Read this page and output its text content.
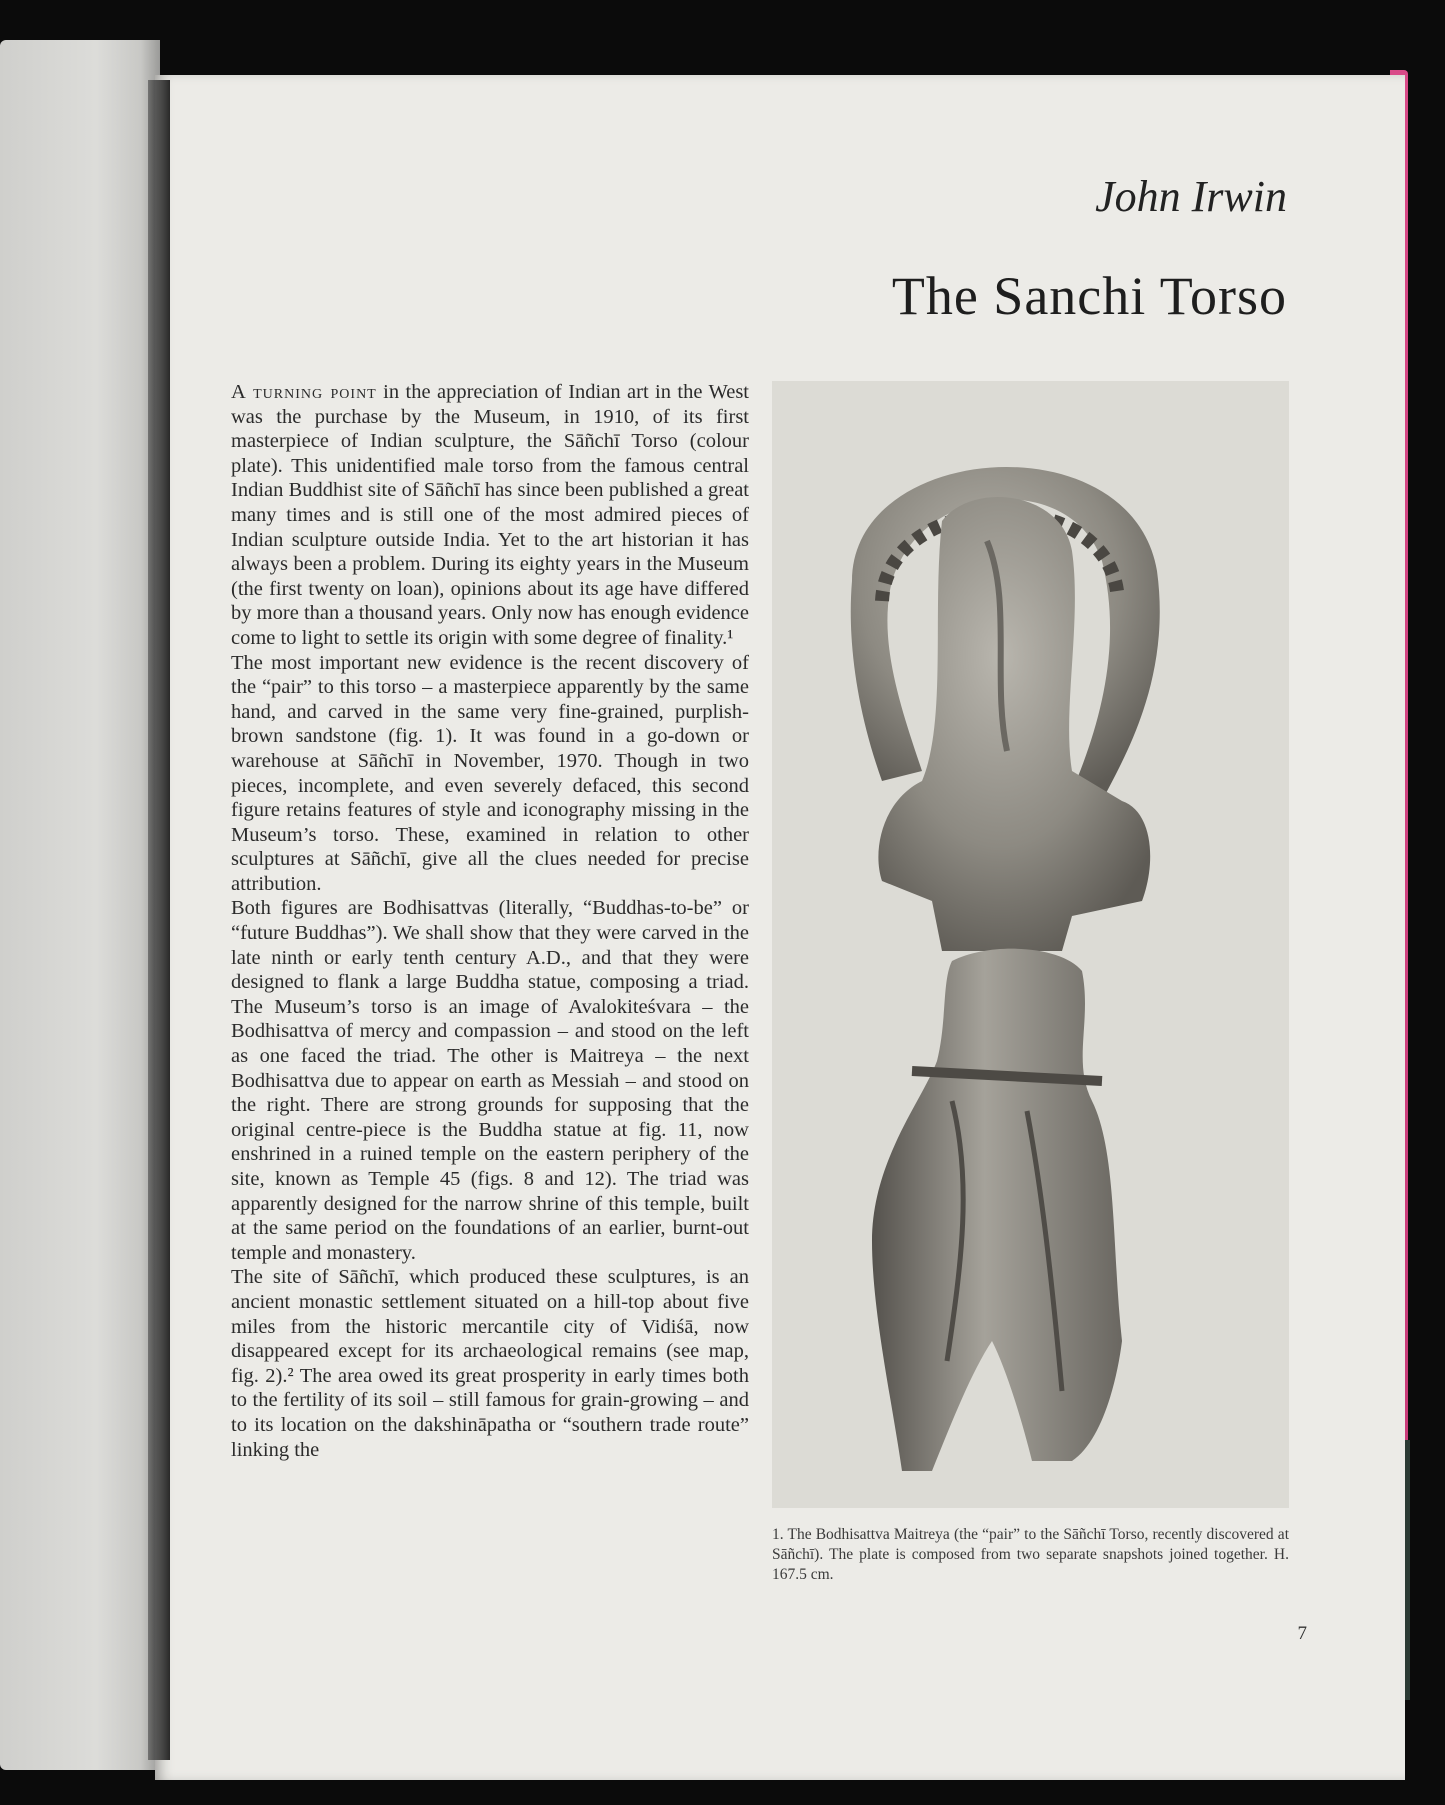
John Irwin
The Sanchi Torso

A turning point in the appreciation of Indian art in the West was the purchase by the Museum, in 1910, of its first masterpiece of Indian sculpture, the Sāñchī Torso (colour plate). This unidentified male torso from the famous central Indian Buddhist site of Sāñchī has since been published a great many times and is still one of the most admired pieces of Indian sculpture outside India. Yet to the art historian it has always been a problem. During its eighty years in the Museum (the first twenty on loan), opinions about its age have differed by more than a thousand years. Only now has enough evidence come to light to settle its origin with some degree of finality.¹

The most important new evidence is the recent discovery of the “pair” to this torso – a masterpiece apparently by the same hand, and carved in the same very fine-grained, purplish-brown sandstone (fig. 1). It was found in a go-down or warehouse at Sāñchī in November, 1970. Though in two pieces, incomplete, and even severely defaced, this second figure retains features of style and iconography missing in the Museum’s torso. These, examined in relation to other sculptures at Sāñchī, give all the clues needed for precise attribution.

Both figures are Bodhisattvas (literally, “Buddhas-to-be” or “future Buddhas”). We shall show that they were carved in the late ninth or early tenth century A.D., and that they were designed to flank a large Buddha statue, composing a triad. The Museum’s torso is an image of Avalokiteśvara – the Bodhisattva of mercy and compassion – and stood on the left as one faced the triad. The other is Maitreya – the next Bodhisattva due to appear on earth as Messiah – and stood on the right. There are strong grounds for supposing that the original centre-piece is the Buddha statue at fig. 11, now enshrined in a ruined temple on the eastern periphery of the site, known as Temple 45 (figs. 8 and 12). The triad was apparently designed for the narrow shrine of this temple, built at the same period on the foundations of an earlier, burnt-out temple and monastery.

The site of Sāñchī, which produced these sculptures, is an ancient monastic settlement situated on a hill-top about five miles from the historic mercantile city of Vidiśā, now disappeared except for its archaeological remains (see map, fig. 2).² The area owed its great prosperity in early times both to the fertility of its soil – still famous for grain-growing – and to its location on the dakshināpatha or “southern trade route” linking the

1. The Bodhisattva Maitreya (the “pair” to the Sāñchī Torso, recently discovered at Sāñchī). The plate is composed from two separate snapshots joined together. H. 167.5 cm.
7
